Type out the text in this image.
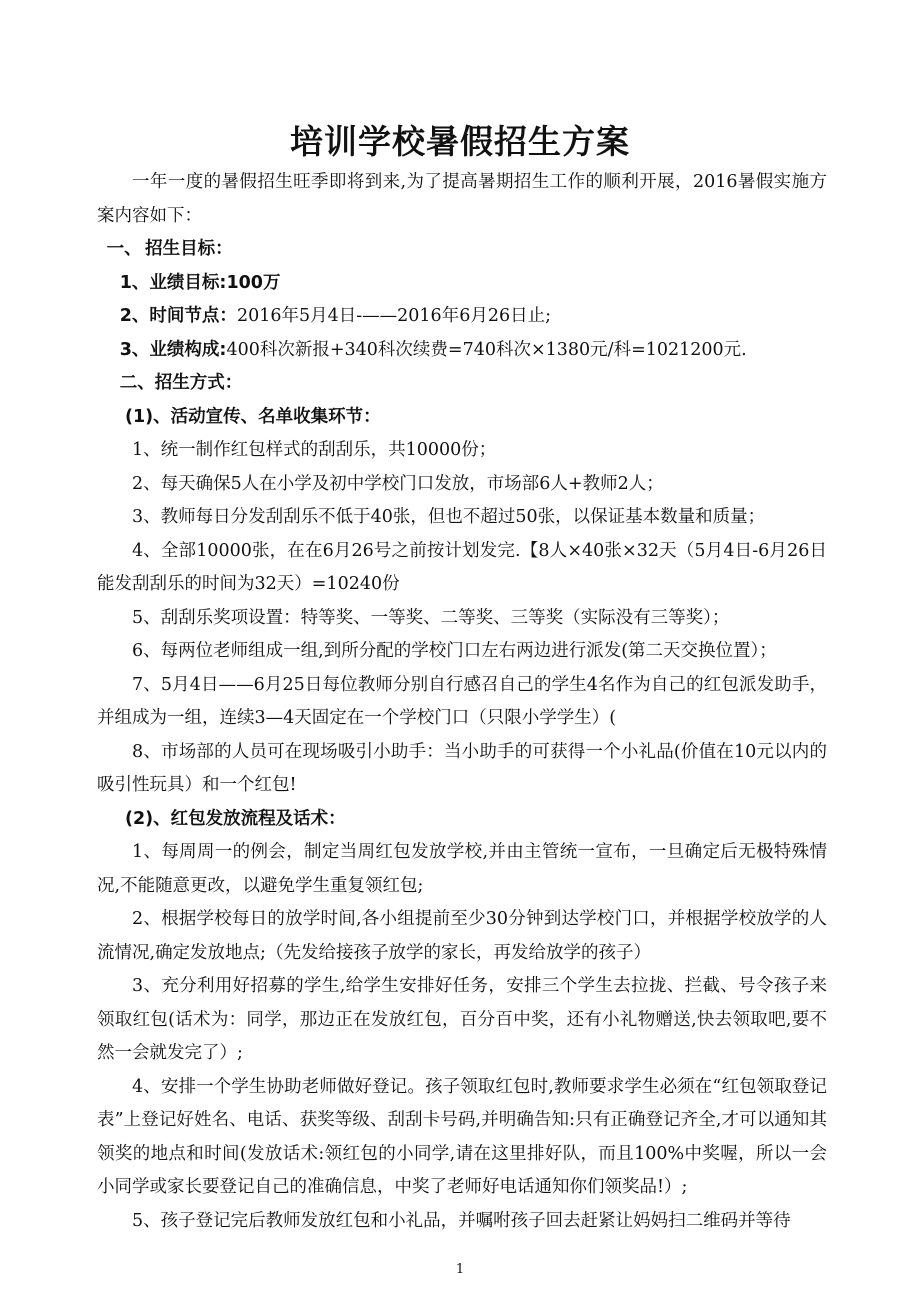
培训学校暑假招生方案

一年一度的暑假招生旺季即将到来,为了提高暑期招生工作的顺利开展，2016暑假实施方案内容如下：

一、 招生目标：

1、业绩目标:100万

2、时间节点：2016年5月4日-——2016年6月26日止;

3、业绩构成:400科次新报+340科次续费=740科次×1380元/科=1021200元.

二、招生方式：

(1)、活动宣传、名单收集环节：

1、统一制作红包样式的刮刮乐，共10000份；

2、每天确保5人在小学及初中学校门口发放，市场部6人+教师2人；

3、教师每日分发刮刮乐不低于40张，但也不超过50张，以保证基本数量和质量；

4、全部10000张，在在6月26号之前按计划发完.【8人×40张×32天（5月4日-6月26日能发刮刮乐的时间为32天）=10240份

5、刮刮乐奖项设置：特等奖、一等奖、二等奖、三等奖（实际没有三等奖）；

6、每两位老师组成一组,到所分配的学校门口左右两边进行派发(第二天交换位置）；

7、5月4日——6月25日每位教师分别自行感召自己的学生4名作为自己的红包派发助手，并组成为一组，连续3—4天固定在一个学校门口（只限小学学生）(

8、市场部的人员可在现场吸引小助手：当小助手的可获得一个小礼品(价值在10元以内的吸引性玩具）和一个红包!

(2)、红包发放流程及话术：

1、每周周一的例会，制定当周红包发放学校,并由主管统一宣布，一旦确定后无极特殊情况,不能随意更改，以避免学生重复领红包;

2、根据学校每日的放学时间,各小组提前至少30分钟到达学校门口，并根据学校放学的人流情况,确定发放地点;（先发给接孩子放学的家长，再发给放学的孩子）

3、充分利用好招募的学生,给学生安排好任务，安排三个学生去拉拢、拦截、号令孩子来领取红包(话术为：同学，那边正在发放红包，百分百中奖，还有小礼物赠送,快去领取吧,要不然一会就发完了）;

4、安排一个学生协助老师做好登记。孩子领取红包时,教师要求学生必须在“红包领取登记表”上登记好姓名、电话、获奖等级、刮刮卡号码,并明确告知:只有正确登记齐全,才可以通知其领奖的地点和时间(发放话术:领红包的小同学,请在这里排好队，而且100%中奖喔，所以一会小同学或家长要登记自己的准确信息，中奖了老师好电话通知你们领奖品!）;

5、孩子登记完后教师发放红包和小礼品，并嘱咐孩子回去赶紧让妈妈扫二维码并等待

1
